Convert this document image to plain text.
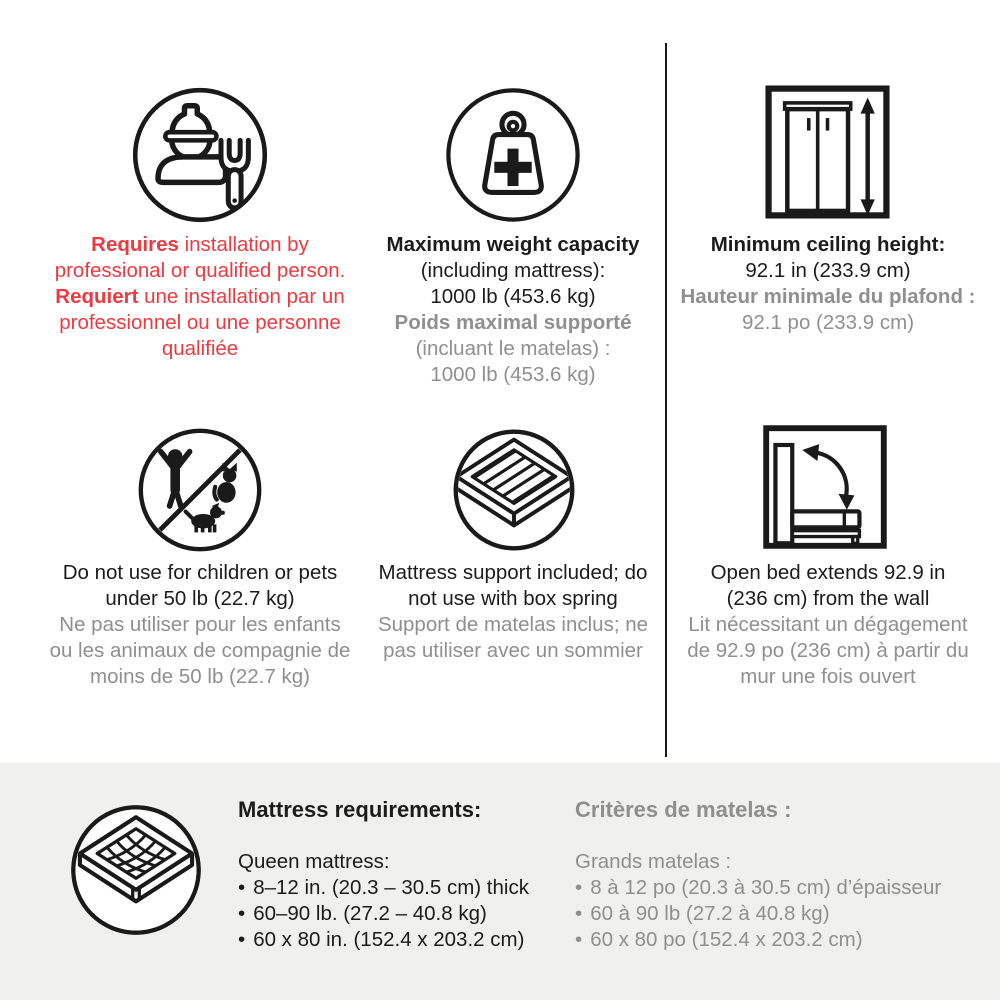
Requires installation by

professional or qualified person.

Requiert une installation par un

professionnel ou une personne

qualifiée

Maximum weight capacity

(including mattress):

1000 lb (453.6 kg)

Poids maximal supporté

(incluant le matelas) :

1000 lb (453.6 kg)

Minimum ceiling height:

92.1 in (233.9 cm)

Hauteur minimale du plafond :

92.1 po (233.9 cm)

Do not use for children or pets

under 50 lb (22.7 kg)

Ne pas utiliser pour les enfants

ou les animaux de compagnie de

moins de 50 lb (22.7 kg)

Mattress support included; do

not use with box spring

Support de matelas inclus; ne

pas utiliser avec un sommier

Open bed extends 92.9 in

(236 cm) from the wall

Lit nécessitant un dégagement

de 92.9 po (236 cm) à partir du

mur une fois ouvert

Mattress requirements:

Queen mattress:

• 8–12 in. (20.3 – 30.5 cm) thick
• 60–90 lb. (27.2 – 40.8 kg)
• 60 x 80 in. (152.4 x 203.2 cm)

Critères de matelas :

Grands matelas :

• 8 à 12 po (20.3 à 30.5 cm) d’épaisseur
• 60 à 90 lb (27.2 à 40.8 kg)
• 60 x 80 po (152.4 x 203.2 cm)
